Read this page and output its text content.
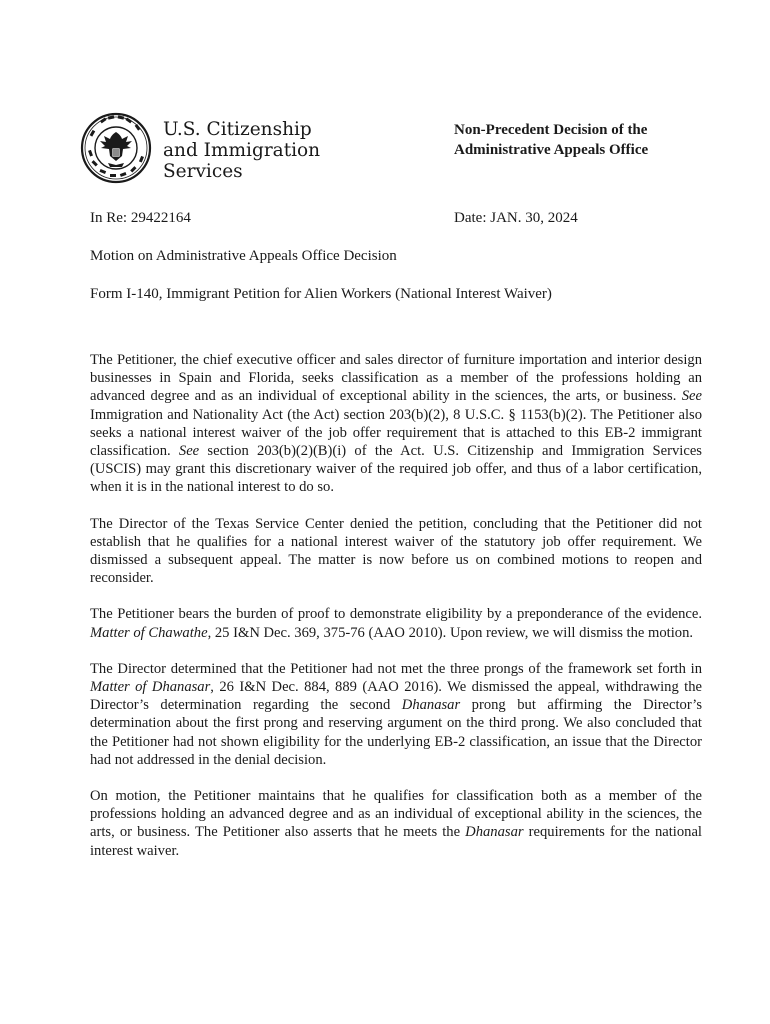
U.S. Citizenship
and Immigration
Services
Non-Precedent Decision of the
Administrative Appeals Office
In Re: 29422164	Date: JAN. 30, 2024
Motion on Administrative Appeals Office Decision
Form I-140, Immigrant Petition for Alien Workers (National Interest Waiver)

The Petitioner, the chief executive officer and sales director of furniture importation and interior design businesses in Spain and Florida, seeks classification as a member of the professions holding an advanced degree and as an individual of exceptional ability in the sciences, the arts, or business. See Immigration and Nationality Act (the Act) section 203(b)(2), 8 U.S.C. § 1153(b)(2). The Petitioner also seeks a national interest waiver of the job offer requirement that is attached to this EB-2 immigrant classification. See section 203(b)(2)(B)(i) of the Act. U.S. Citizenship and Immigration Services (USCIS) may grant this discretionary waiver of the required job offer, and thus of a labor certification, when it is in the national interest to do so.

The Director of the Texas Service Center denied the petition, concluding that the Petitioner did not establish that he qualifies for a national interest waiver of the statutory job offer requirement. We dismissed a subsequent appeal. The matter is now before us on combined motions to reopen and reconsider.

The Petitioner bears the burden of proof to demonstrate eligibility by a preponderance of the evidence. Matter of Chawathe, 25 I&N Dec. 369, 375-76 (AAO 2010). Upon review, we will dismiss the motion.

The Director determined that the Petitioner had not met the three prongs of the framework set forth in Matter of Dhanasar, 26 I&N Dec. 884, 889 (AAO 2016). We dismissed the appeal, withdrawing the Director’s determination regarding the second Dhanasar prong but affirming the Director’s determination about the first prong and reserving argument on the third prong. We also concluded that the Petitioner had not shown eligibility for the underlying EB-2 classification, an issue that the Director had not addressed in the denial decision.

On motion, the Petitioner maintains that he qualifies for classification both as a member of the professions holding an advanced degree and as an individual of exceptional ability in the sciences, the arts, or business. The Petitioner also asserts that he meets the Dhanasar requirements for the national interest waiver.
